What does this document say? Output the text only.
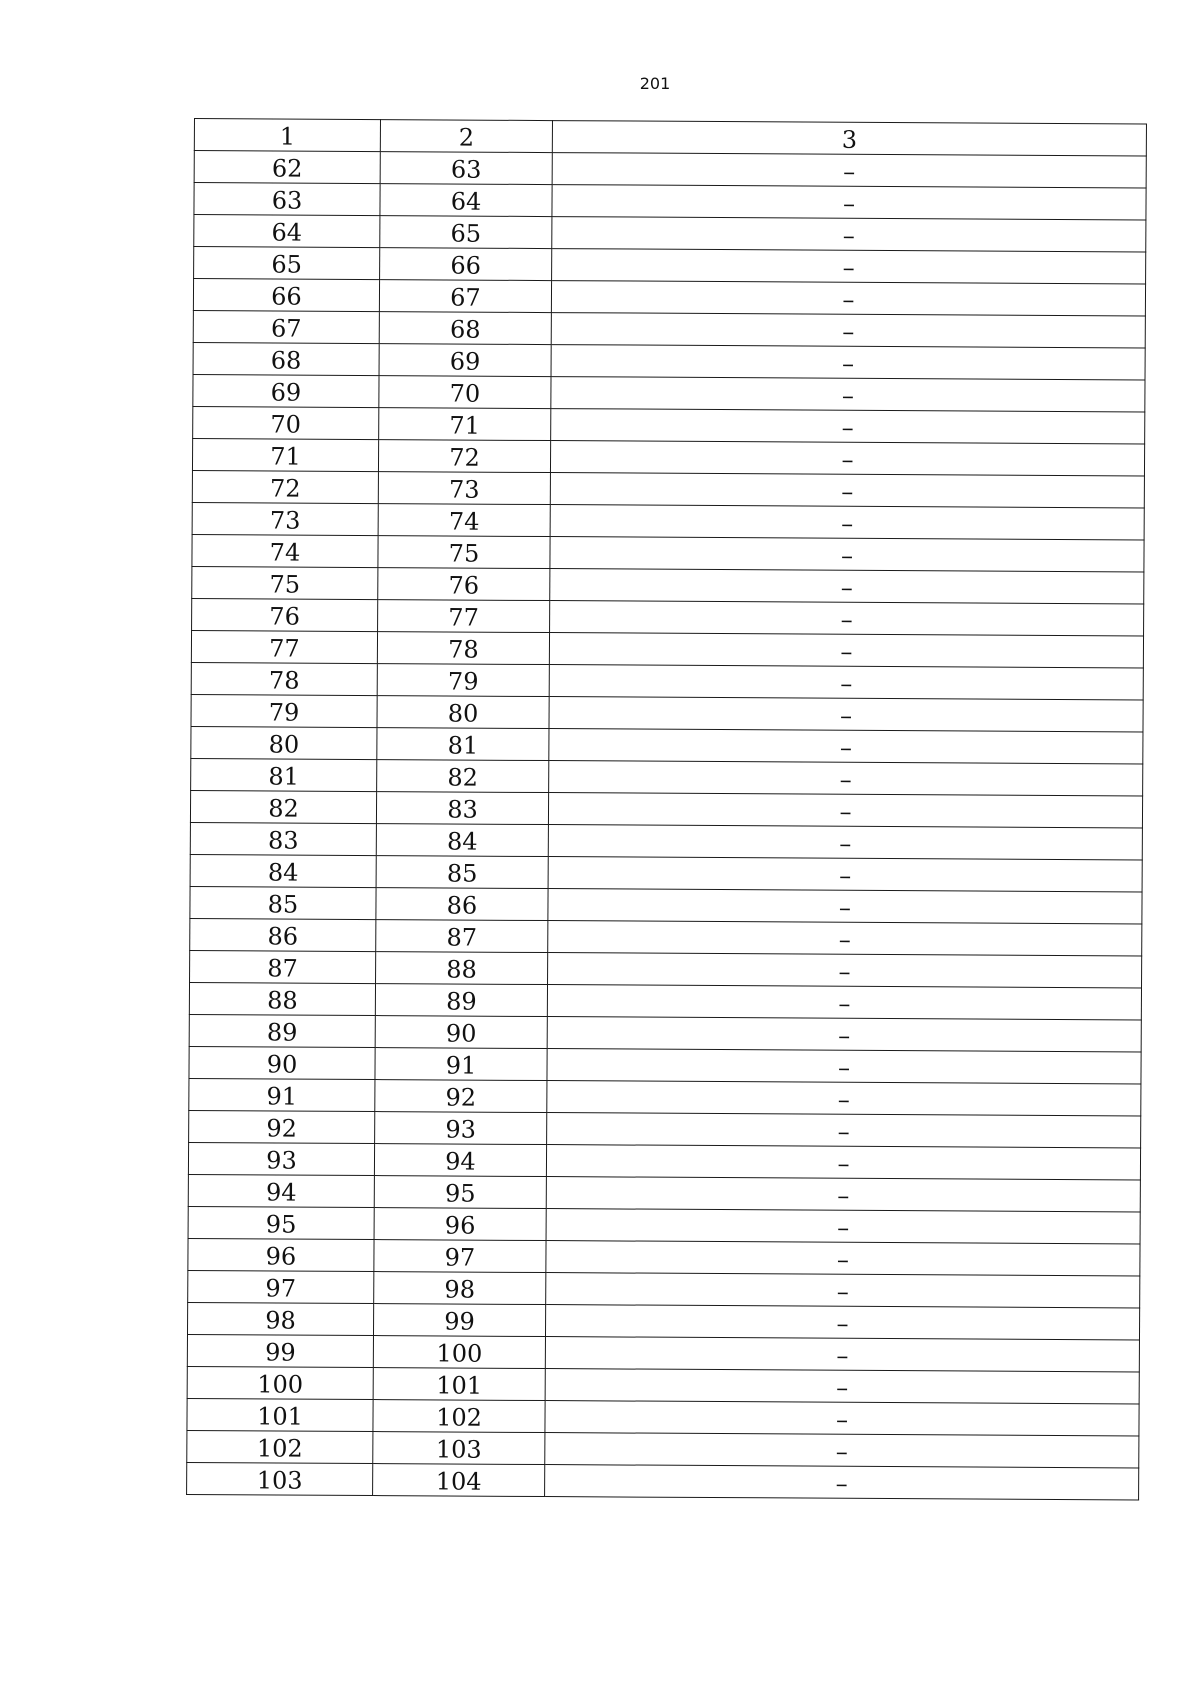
201
1	2	3
62	63	–
63	64	–
64	65	–
65	66	–
66	67	–
67	68	–
68	69	–
69	70	–
70	71	–
71	72	–
72	73	–
73	74	–
74	75	–
75	76	–
76	77	–
77	78	–
78	79	–
79	80	–
80	81	–
81	82	–
82	83	–
83	84	–
84	85	–
85	86	–
86	87	–
87	88	–
88	89	–
89	90	–
90	91	–
91	92	–
92	93	–
93	94	–
94	95	–
95	96	–
96	97	–
97	98	–
98	99	–
99	100	–
100	101	–
101	102	–
102	103	–
103	104	–
